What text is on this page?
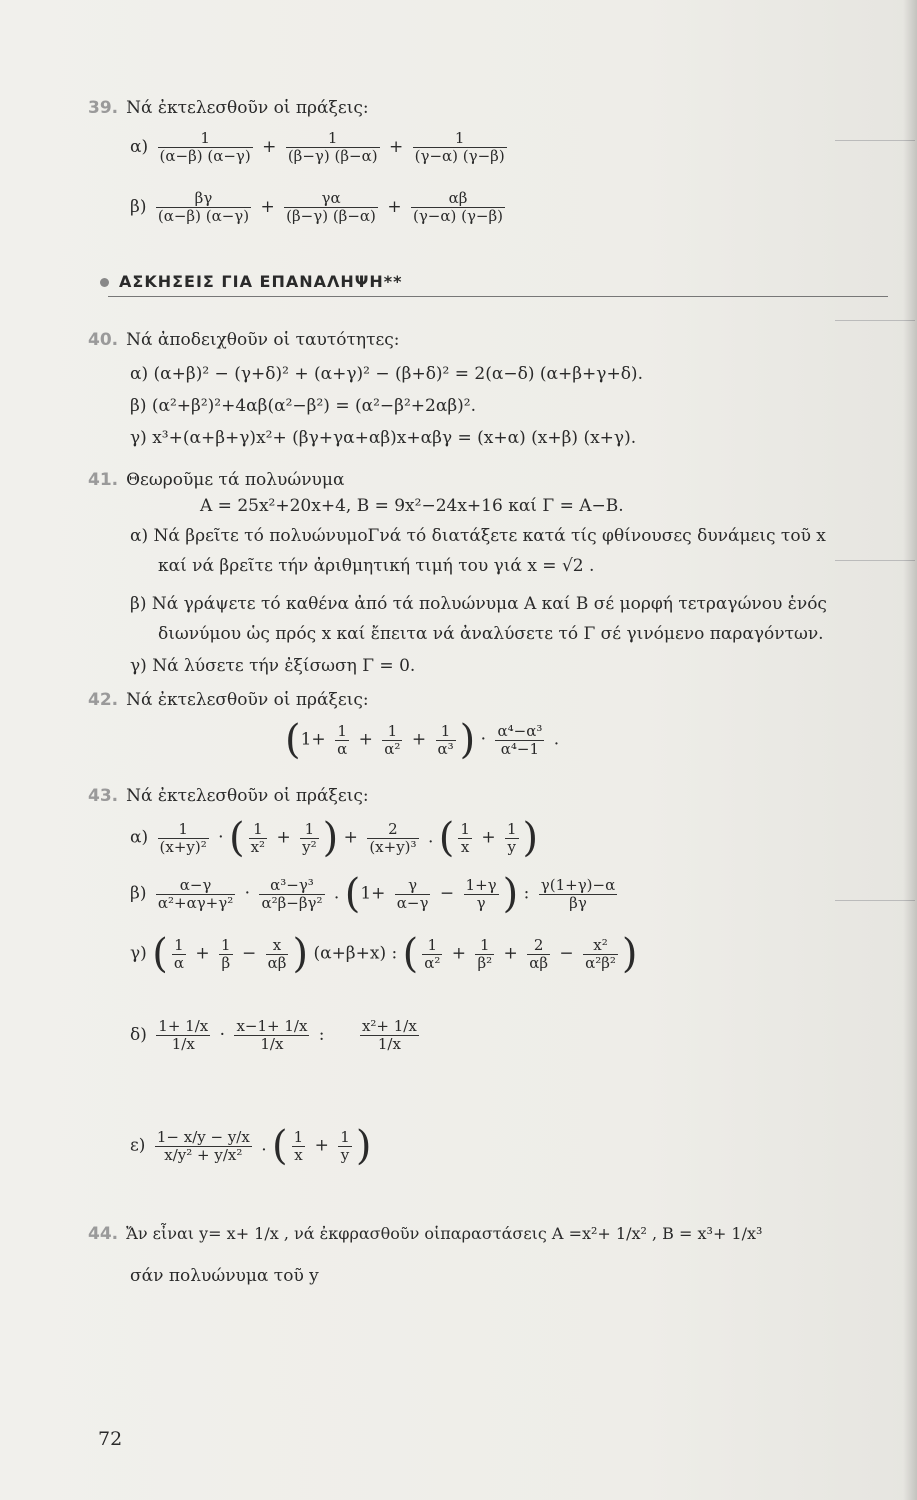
39. Νά ἐκτελεσθοῦν οἱ πράξεις:
$\alpha) \frac{1}{(\alpha-\beta) (\alpha-\gamma)} + \frac{1}{(\beta-\gamma) (\beta-\alpha)} + \frac{1}{(\gamma-\alpha) (\gamma-\beta)}$
$\beta) \frac{\beta\gamma}{(\alpha-\beta) (\alpha-\gamma)} + \frac{\gamma\alpha}{(\beta-\gamma) (\beta-\alpha)} + \frac{\alpha\beta}{(\gamma-\alpha) (\gamma-\beta)}$
ΑΣΚΗΣΕΙΣ ΓΙΑ ΕΠΑΝΑΛΗΨΗ**
40. Νά ἀποδειχθοῦν οἱ ταυτότητες:
α) (α+β)² − (γ+δ)² + (α+γ)² − (β+δ)² = 2(α−δ) (α+β+γ+δ).
β) (α²+β²)²+4αβ(α²−β²) = (α²−β²+2αβ)².
γ) x³+(α+β+γ)x²+ (βγ+γα+αβ)x+αβγ = (x+α) (x+β) (x+γ).
41. Θεωροῦμε τά πολυώνυμα
A = 25x²+20x+4, B = 9x²−24x+16 καί Γ = A−B.
α) Νά βρεῖτε τό πολυώνυμοΓνά τό διατάξετε κατά τίς φθίνουσες δυνάμεις τοῦ x
καί νά βρεῖτε τήν ἀριθμητική τιμή του γιά x = √2 .
β) Νά γράψετε τό καθένα ἀπό τά πολυώνυμα A καί B σέ μορφή τετραγώνου ἑνός
διωνύμου ὡς πρός x καί ἔπειτα νά ἀναλύσετε τό Γ σέ γινόμενο παραγόντων.
γ) Νά λύσετε τήν ἐξίσωση Γ = 0.
42. Νά ἐκτελεσθοῦν οἱ πράξεις:
($1+ \frac{1}{\alpha} + \frac{1}{\text{α²}} + \frac{1}{\text{α³}}$ ) · $\frac{\text{α⁴−α³}}{\text{α⁴−1}}$ .
43. Νά ἐκτελεσθοῦν οἱ πράξεις:
$\alpha) \frac{1}{\text{(x+y)²}}$ · ( $\frac{1}{\text{x²}} + \frac{1}{\text{y²}}$ ) + $\frac{2}{\text{(x+y)³}}$ . ( $\frac{1}{x} + \frac{1}{y}$ )
$\beta) \frac{\alpha-\gamma}{\text{α²+αγ+γ²}} \cdot \frac{\text{α³−γ³}}{\text{α²β−βγ²}}$ . ($1+ \frac{\gamma}{\alpha-\gamma} - \frac{1+\gamma}{\gamma}$ ) : $\frac{\gamma(1+\gamma)-\alpha}{\beta\gamma}$
γ) ( $\frac{1}{\alpha} + \frac{1}{\beta} - \frac{x}{\alpha\beta}$ ) (α+β+x) : ( $\frac{1}{\text{α²}} + \frac{1}{\text{β²}} + \frac{2}{\alpha\beta} - \frac{\text{x²}}{\text{α²β²}}$ )
$\delta) \frac{1+ 1/x}{1/x} \cdot \frac{x-1+ 1/x}{1/x}$ : $\frac{\text{x²+ 1/x}}{1/x}$
$\varepsilon) \frac{1- x/y - y/x}{\text{x/y² + y/x²}}$ . ( $\frac{1}{x} + \frac{1}{y}$ )
44. Ἄν εἶναι y= x+ 1/x , νά ἐκφρασθοῦν οἱπαραστάσεις A =x²+ 1/x² , B = x³+ 1/x³
σάν πολυώνυμα τοῦ y
72
